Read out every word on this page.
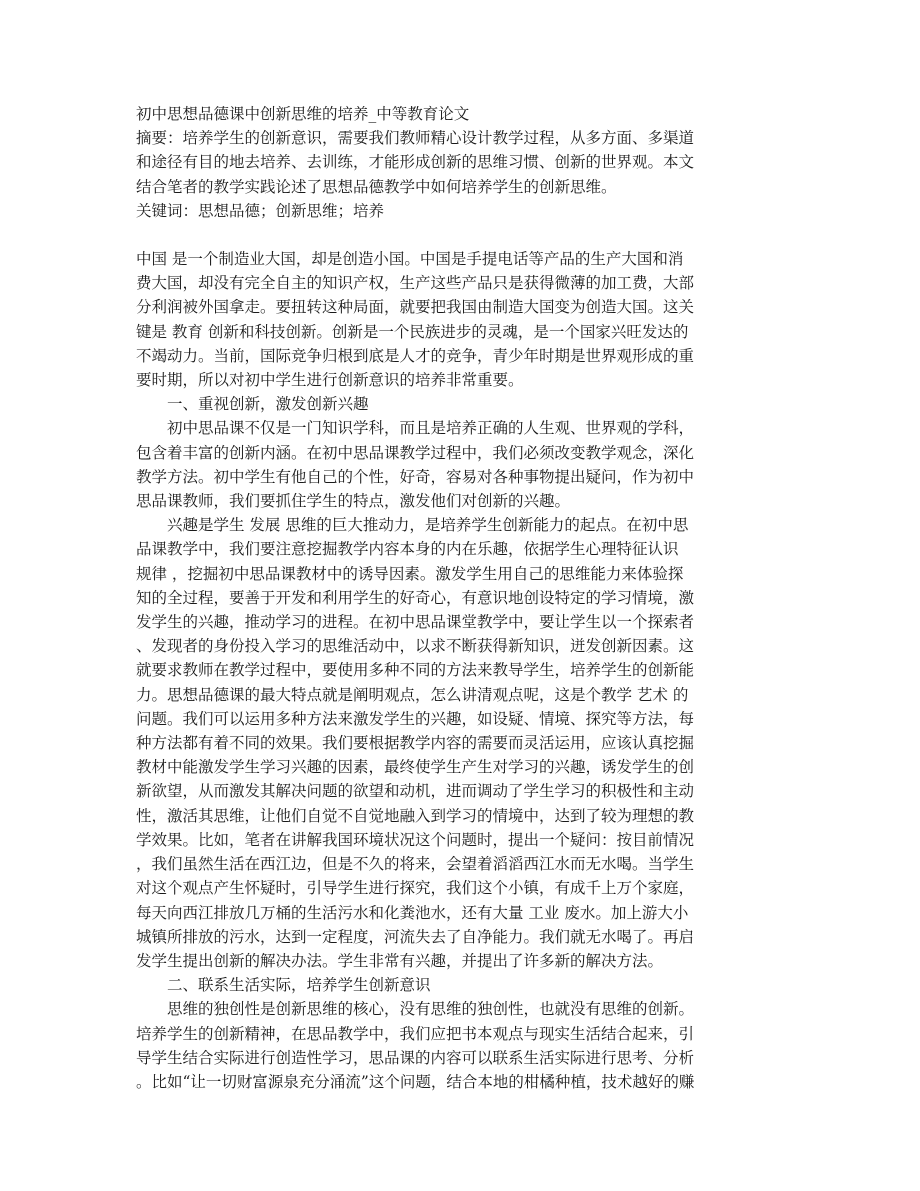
初中思想品德课中创新思维的培养_中等教育论文
摘要：培养学生的创新意识，需要我们教师精心设计教学过程，从多方面、多渠道
和途径有目的地去培养、去训练，才能形成创新的思维习惯、创新的世界观。本文
结合笔者的教学实践论述了思想品德教学中如何培养学生的创新思维。
关键词：思想品德；创新思维；培养
中国 是一个制造业大国，却是创造小国。中国是手提电话等产品的生产大国和消
费大国，却没有完全自主的知识产权，生产这些产品只是获得微薄的加工费，大部
分利润被外国拿走。要扭转这种局面，就要把我国由制造大国变为创造大国。这关
键是 教育 创新和科技创新。创新是一个民族进步的灵魂，是一个国家兴旺发达的
不竭动力。当前，国际竞争归根到底是人才的竞争，青少年时期是世界观形成的重
要时期，所以对初中学生进行创新意识的培养非常重要。
一、重视创新，激发创新兴趣
初中思品课不仅是一门知识学科，而且是培养正确的人生观、世界观的学科，
包含着丰富的创新内涵。在初中思品课教学过程中，我们必须改变教学观念，深化
教学方法。初中学生有他自己的个性，好奇，容易对各种事物提出疑问，作为初中
思品课教师，我们要抓住学生的特点，激发他们对创新的兴趣。
兴趣是学生 发展 思维的巨大推动力，是培养学生创新能力的起点。在初中思
品课教学中，我们要注意挖掘教学内容本身的内在乐趣，依据学生心理特征认识
规律 ，挖掘初中思品课教材中的诱导因素。激发学生用自己的思维能力来体验探
知的全过程，要善于开发和利用学生的好奇心，有意识地创设特定的学习情境，激
发学生的兴趣，推动学习的进程。在初中思品课堂教学中，要让学生以一个探索者
、发现者的身份投入学习的思维活动中，以求不断获得新知识，迸发创新因素。这
就要求教师在教学过程中，要使用多种不同的方法来教导学生，培养学生的创新能
力。思想品德课的最大特点就是阐明观点，怎么讲清观点呢，这是个教学 艺术 的
问题。我们可以运用多种方法来激发学生的兴趣，如设疑、情境、探究等方法，每
种方法都有着不同的效果。我们要根据教学内容的需要而灵活运用，应该认真挖掘
教材中能激发学生学习兴趣的因素，最终使学生产生对学习的兴趣，诱发学生的创
新欲望，从而激发其解决问题的欲望和动机，进而调动了学生学习的积极性和主动
性，激活其思维，让他们自觉不自觉地融入到学习的情境中，达到了较为理想的教
学效果。比如，笔者在讲解我国环境状况这个问题时，提出一个疑问：按目前情况
，我们虽然生活在西江边，但是不久的将来，会望着滔滔西江水而无水喝。当学生
对这个观点产生怀疑时，引导学生进行探究，我们这个小镇，有成千上万个家庭，
每天向西江排放几万桶的生活污水和化粪池水，还有大量 工业 废水。加上游大小
城镇所排放的污水，达到一定程度，河流失去了自净能力。我们就无水喝了。再启
发学生提出创新的解决办法。学生非常有兴趣，并提出了许多新的解决方法。
二、联系生活实际，培养学生创新意识
思维的独创性是创新思维的核心，没有思维的独创性，也就没有思维的创新。
培养学生的创新精神，在思品教学中，我们应把书本观点与现实生活结合起来，引
导学生结合实际进行创造性学习，思品课的内容可以联系生活实际进行思考、分析
。比如“让一切财富源泉充分涌流”这个问题，结合本地的柑橘种植，技术越好的赚
